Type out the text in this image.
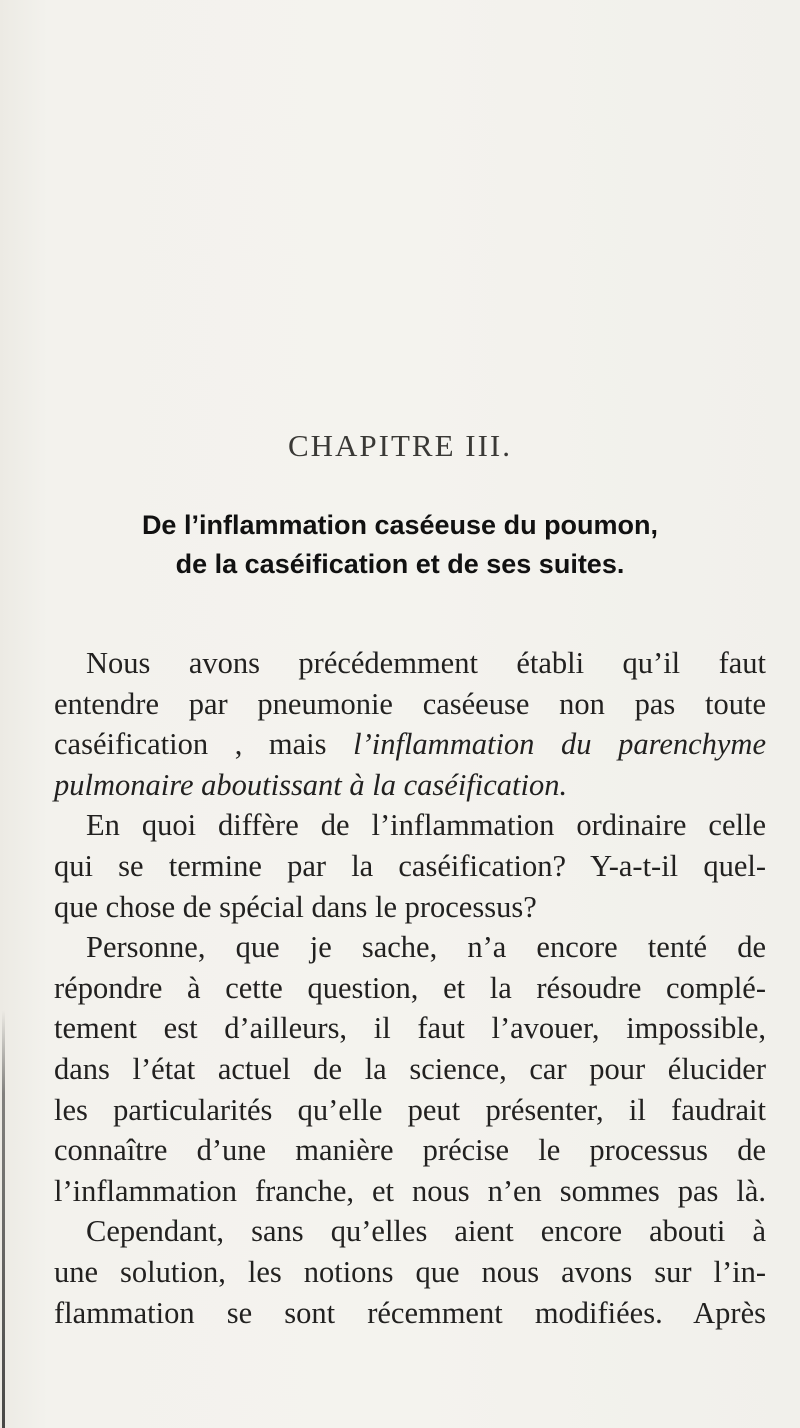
CHAPITRE III.
De l’inflammation caséeuse du poumon,
de la caséification et de ses suites.
Nous avons précédemment établi qu’il faut
entendre par pneumonie caséeuse non pas toute
caséification , mais l’inflammation du parenchyme
pulmonaire aboutissant à la caséification.
En quoi diffère de l’inflammation ordinaire celle
qui se termine par la caséification? Y-a-t-il quel-
que chose de spécial dans le processus?
Personne, que je sache, n’a encore tenté de
répondre à cette question, et la résoudre complé-
tement est d’ailleurs, il faut l’avouer, impossible,
dans l’état actuel de la science, car pour élucider
les particularités qu’elle peut présenter, il faudrait
connaître d’une manière précise le processus de
l’inflammation franche, et nous n’en sommes pas là.
Cependant, sans qu’elles aient encore abouti à
une solution, les notions que nous avons sur l’in-
flammation se sont récemment modifiées. Après
